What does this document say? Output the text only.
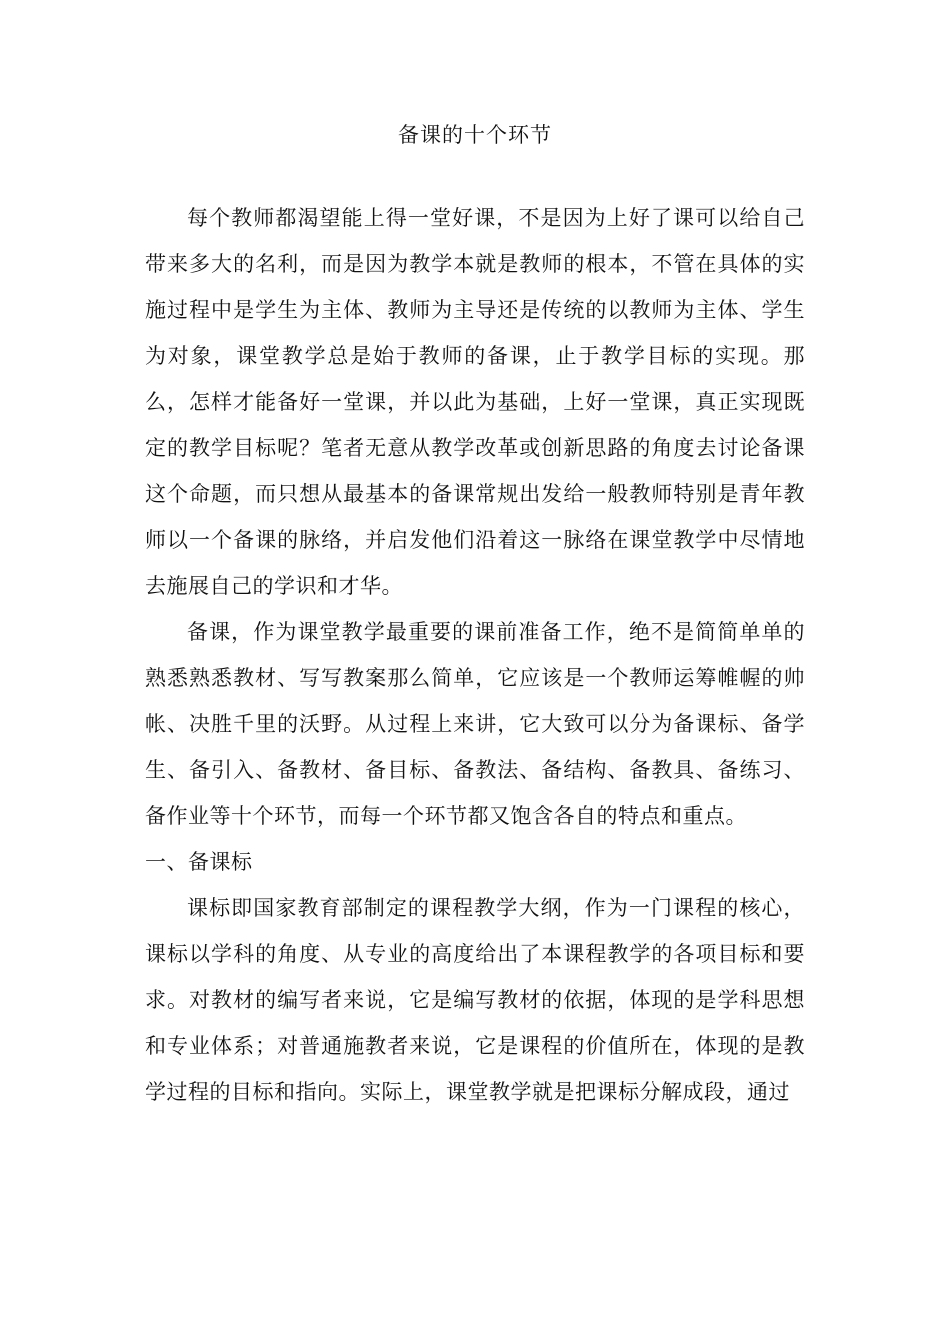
备课的十个环节

每个教师都渴望能上得一堂好课，不是因为上好了课可以给自己带来多大的名利，而是因为教学本就是教师的根本，不管在具体的实施过程中是学生为主体、教师为主导还是传统的以教师为主体、学生为对象，课堂教学总是始于教师的备课，止于教学目标的实现。那么，怎样才能备好一堂课，并以此为基础，上好一堂课，真正实现既定的教学目标呢？笔者无意从教学改革或创新思路的角度去讨论备课这个命题，而只想从最基本的备课常规出发给一般教师特别是青年教师以一个备课的脉络，并启发他们沿着这一脉络在课堂教学中尽情地去施展自己的学识和才华。

备课，作为课堂教学最重要的课前准备工作，绝不是简简单单的熟悉熟悉教材、写写教案那么简单，它应该是一个教师运筹帷幄的帅帐、决胜千里的沃野。从过程上来讲，它大致可以分为备课标、备学生、备引入、备教材、备目标、备教法、备结构、备教具、备练习、备作业等十个环节，而每一个环节都又饱含各自的特点和重点。

一、备课标

课标即国家教育部制定的课程教学大纲，作为一门课程的核心，课标以学科的角度、从专业的高度给出了本课程教学的各项目标和要求。对教材的编写者来说，它是编写教材的依据，体现的是学科思想和专业体系；对普通施教者来说，它是课程的价值所在，体现的是教学过程的目标和指向。实际上，课堂教学就是把课标分解成段，通过
